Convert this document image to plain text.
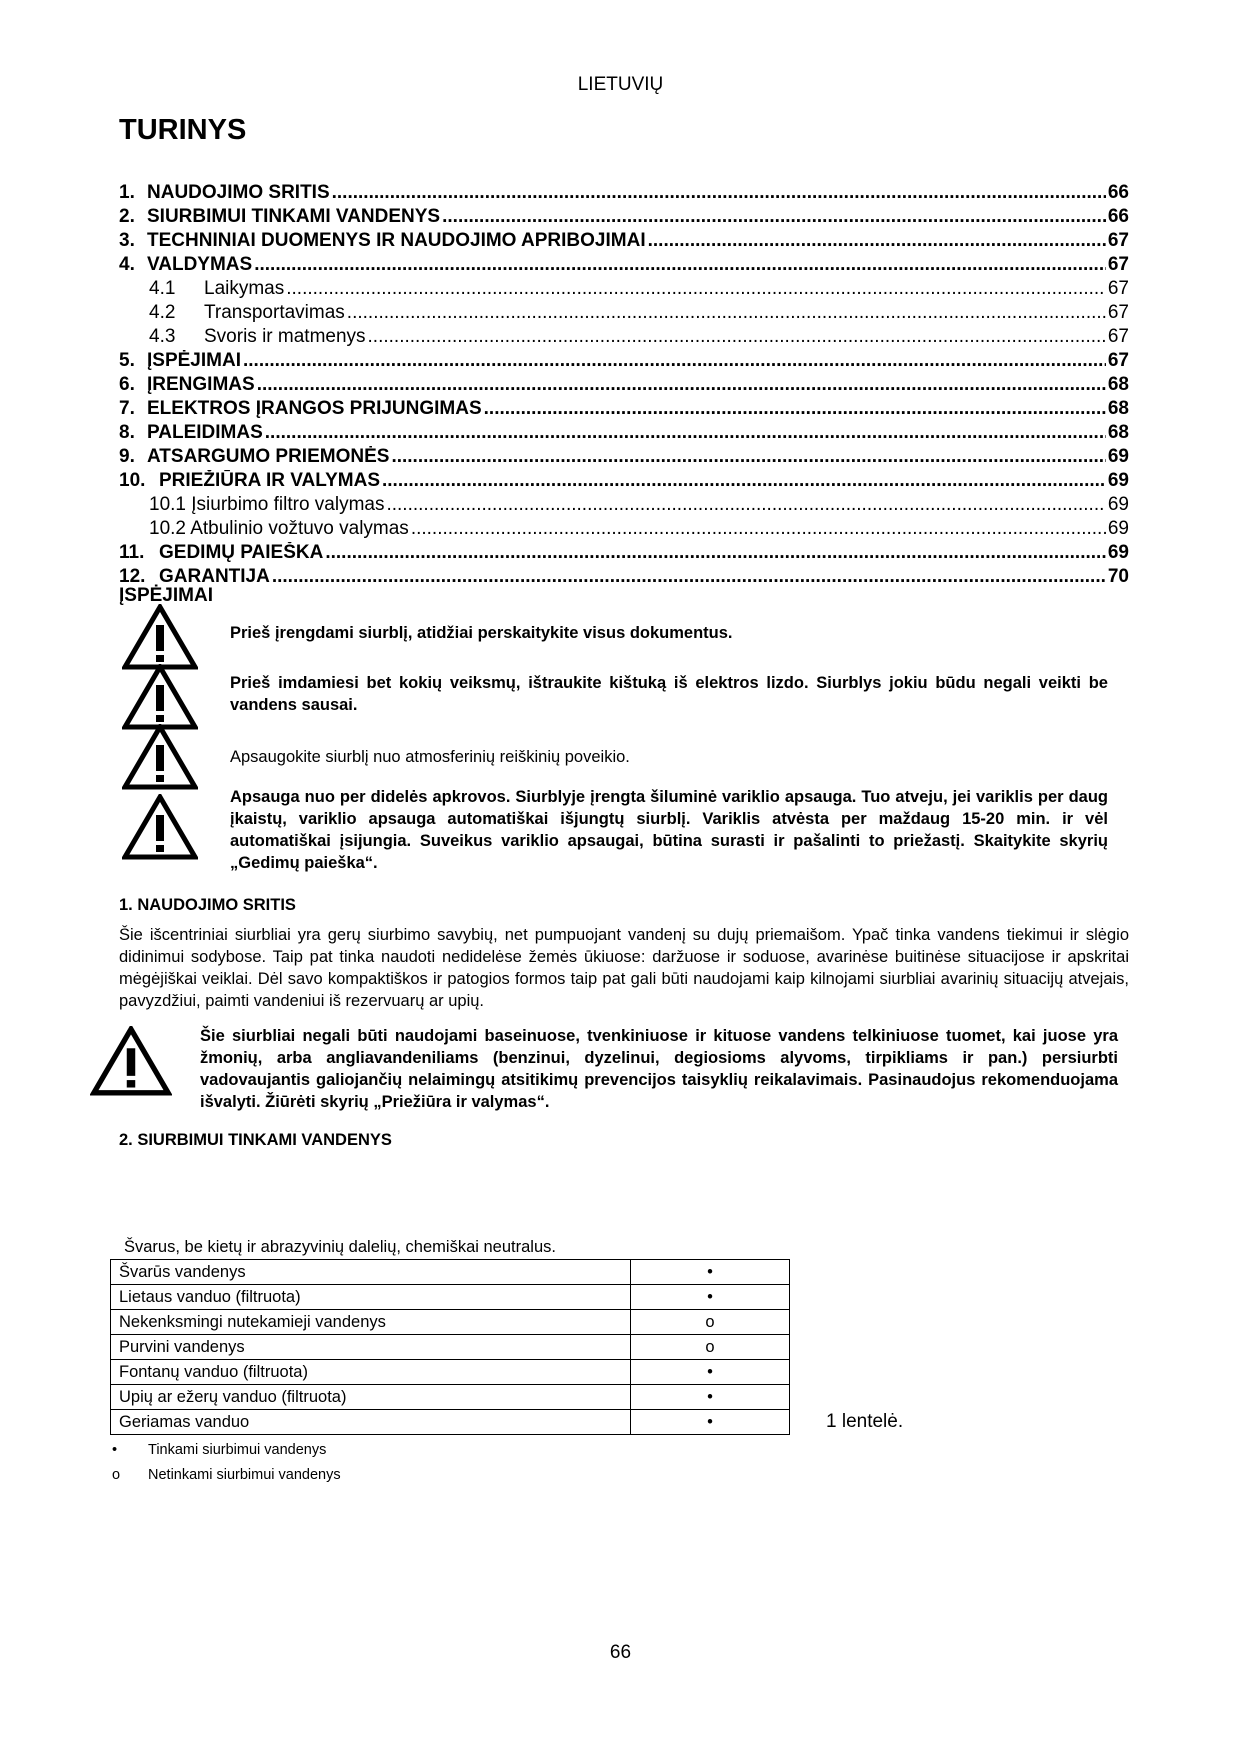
LIETUVIŲ
TURINYS
1. NAUDOJIMO SRITIS .....	66
2. SIURBIMUI TINKAMI VANDENYS .....	66
3. TECHNINIAI DUOMENYS IR NAUDOJIMO APRIBOJIMAI .....	67
4. VALDYMAS .....	67
4.1	Laikymas .....	67
4.2	Transportavimas .....	67
4.3	Svoris ir matmenys .....	67
5. ĮSPĖJIMAI .....	67
6. ĮRENGIMAS .....	68
7. ELEKTROS ĮRANGOS PRIJUNGIMAS .....	68
8. PALEIDIMAS .....	68
9. ATSARGUMO PRIEMONĖS .....	69
10. PRIEŽIŪRA IR VALYMAS .....	69
10.1 Įsiurbimo filtro valymas .....	69
10.2 Atbulinio vožtuvo valymas .....	69
11. GEDIMŲ PAIEŠKA .....	69
12. GARANTIJA .....	70
ĮSPĖJIMAI
Prieš įrengdami siurblį, atidžiai perskaitykite visus dokumentus.
Prieš imdamiesi bet kokių veiksmų, ištraukite kištuką iš elektros lizdo. Siurblys jokiu būdu negali veikti be vandens sausai.
Apsaugokite siurblį nuo atmosferinių reiškinių poveikio.
Apsauga nuo per didelės apkrovos. Siurblyje įrengta šiluminė variklio apsauga. Tuo atveju, jei variklis per daug įkaistų, variklio apsauga automatiškai išjungtų siurblį. Variklis atvėsta per maždaug 15-20 min. ir vėl automatiškai įsijungia. Suveikus variklio apsaugai, būtina surasti ir pašalinti to priežastį. Skaitykite skyrių „Gedimų paieška“.
1. NAUDOJIMO SRITIS
Šie išcentriniai siurbliai yra gerų siurbimo savybių, net pumpuojant vandenį su dujų priemaišom. Ypač tinka vandens tiekimui ir slėgio didinimui sodybose. Taip pat tinka naudoti nedidelėse žemės ūkiuose: daržuose ir soduose, avarinėse buitinėse situacijose ir apskritai mėgėjiškai veiklai. Dėl savo kompaktiškos ir patogios formos taip pat gali būti naudojami kaip kilnojami siurbliai avarinių situacijų atvejais, pavyzdžiui, paimti vandeniui iš rezervuarų ar upių.
Šie siurbliai negali būti naudojami baseinuose, tvenkiniuose ir kituose vandens telkiniuose tuomet, kai juose yra žmonių, arba angliavandeniliams (benzinui, dyzelinui, degiosioms alyvoms, tirpikliams ir pan.) persiurbti vadovaujantis galiojančių nelaimingų atsitikimų prevencijos taisyklių reikalavimais. Pasinaudojus rekomenduojama išvalyti. Žiūrėti skyrių „Priežiūra ir valymas“.
2. SIURBIMUI TINKAMI VANDENYS
Švarus, be kietų ir abrazyvinių dalelių, chemiškai neutralus.
Švarūs vandenys	•
Lietaus vanduo (filtruota)	•
Nekenksmingi nutekamieji vandenys	o
Purvini vandenys	o
Fontanų vanduo (filtruota)	•
Upių ar ežerų vanduo (filtruota)	•
Geriamas vanduo	•	1 lentelė.
• Tinkami siurbimui vandenys
o Netinkami siurbimui vandenys
66
